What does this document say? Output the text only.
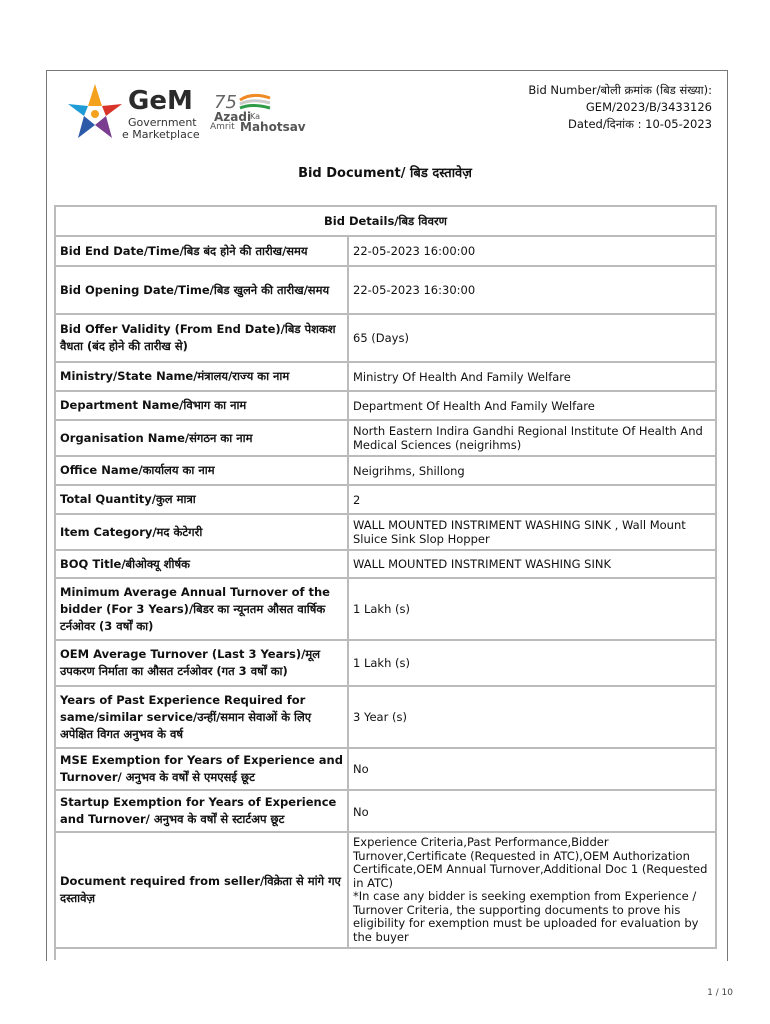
GeM
Government
e Marketplace
75
Azadi
Ka
Amrit Mahotsav
Bid Number/बोली क्रमांक (बिड संख्या):
GEM/2023/B/3433126
Dated/दिनांक : 10-05-2023
Bid Document/ बिड दस्तावेज़
Bid Details/बिड विवरण	
Bid End Date/Time/बिड बंद होने की तारीख/समय	22-05-2023 16:00:00
Bid Opening Date/Time/बिड खुलने की तारीख/समय	22-05-2023 16:30:00
Bid Offer Validity (From End Date)/बिड पेशकश वैधता (बंद होने की तारीख से)	65 (Days)
Ministry/State Name/मंत्रालय/राज्य का नाम	Ministry Of Health And Family Welfare
Department Name/विभाग का नाम	Department Of Health And Family Welfare
Organisation Name/संगठन का नाम	North Eastern Indira Gandhi Regional Institute Of Health And Medical Sciences (neigrihms)
Office Name/कार्यालय का नाम	Neigrihms, Shillong
Total Quantity/कुल मात्रा	2
Item Category/मद केटेगरी	WALL MOUNTED INSTRIMENT WASHING SINK , Wall Mount Sluice Sink Slop Hopper
BOQ Title/बीओक्यू शीर्षक	WALL MOUNTED INSTRIMENT WASHING SINK
Minimum Average Annual Turnover of the bidder (For 3 Years)/बिडर का न्यूनतम औसत वार्षिक टर्नओवर (3 वर्षों का)	1 Lakh (s)
OEM Average Turnover (Last 3 Years)/मूल उपकरण निर्माता का औसत टर्नओवर (गत 3 वर्षों का)	1 Lakh (s)
Years of Past Experience Required for same/similar service/उन्हीं/समान सेवाओं के लिए अपेक्षित विगत अनुभव के वर्ष	3 Year (s)
MSE Exemption for Years of Experience and Turnover/ अनुभव के वर्षों से एमएसई छूट	No
Startup Exemption for Years of Experience and Turnover/ अनुभव के वर्षों से स्टार्टअप छूट	No
Document required from seller/विक्रेता से मांगे गए दस्तावेज़	Experience Criteria,Past Performance,Bidder Turnover,Certificate (Requested in ATC),OEM Authorization Certificate,OEM Annual Turnover,Additional Doc 1 (Requested in ATC)
*In case any bidder is seeking exemption from Experience / Turnover Criteria, the supporting documents to prove his eligibility for exemption must be uploaded for evaluation by the buyer
1 / 10
